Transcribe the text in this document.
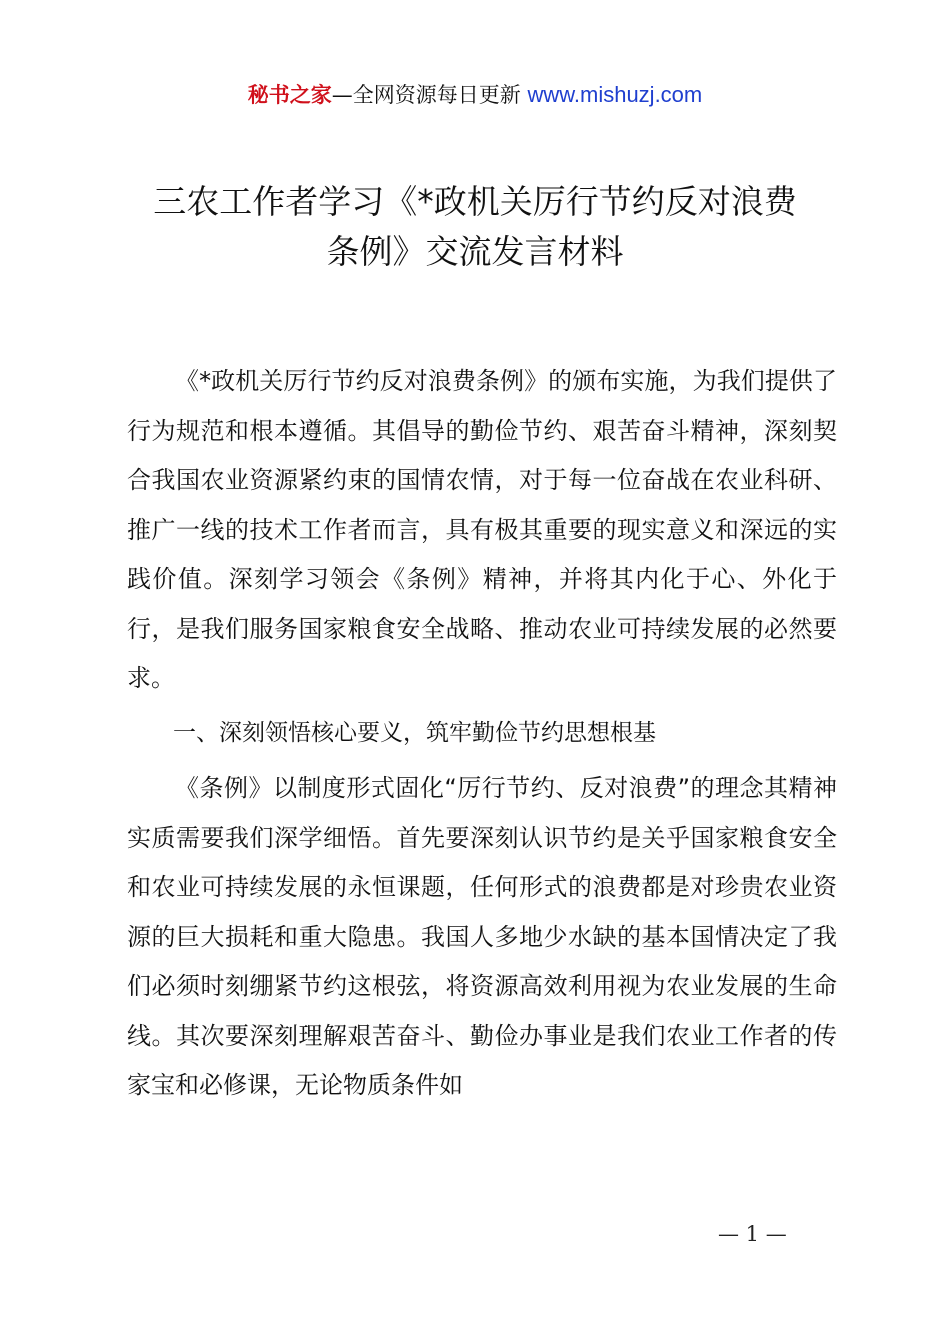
秘书之家—全网资源每日更新 www.mishuzj.com
三农工作者学习《*政机关厉行节约反对浪费
条例》交流发言材料

《*政机关厉行节约反对浪费条例》的颁布实施，为我们提供了行为规范和根本遵循。其倡导的勤俭节约、艰苦奋斗精神，深刻契合我国农业资源紧约束的国情农情，对于每一位奋战在农业科研、推广一线的技术工作者而言，具有极其重要的现实意义和深远的实践价值。深刻学习领会《条例》精神，并将其内化于心、外化于行，是我们服务国家粮食安全战略、推动农业可持续发展的必然要求。

一、深刻领悟核心要义，筑牢勤俭节约思想根基

《条例》以制度形式固化“厉行节约、反对浪费”的理念其精神实质需要我们深学细悟。首先要深刻认识节约是关乎国家粮食安全和农业可持续发展的永恒课题，任何形式的浪费都是对珍贵农业资源的巨大损耗和重大隐患。我国人多地少水缺的基本国情决定了我们必须时刻绷紧节约这根弦，将资源高效利用视为农业发展的生命线。其次要深刻理解艰苦奋斗、勤俭办事业是我们农业工作者的传家宝和必修课，无论物质条件如

— 1 —
